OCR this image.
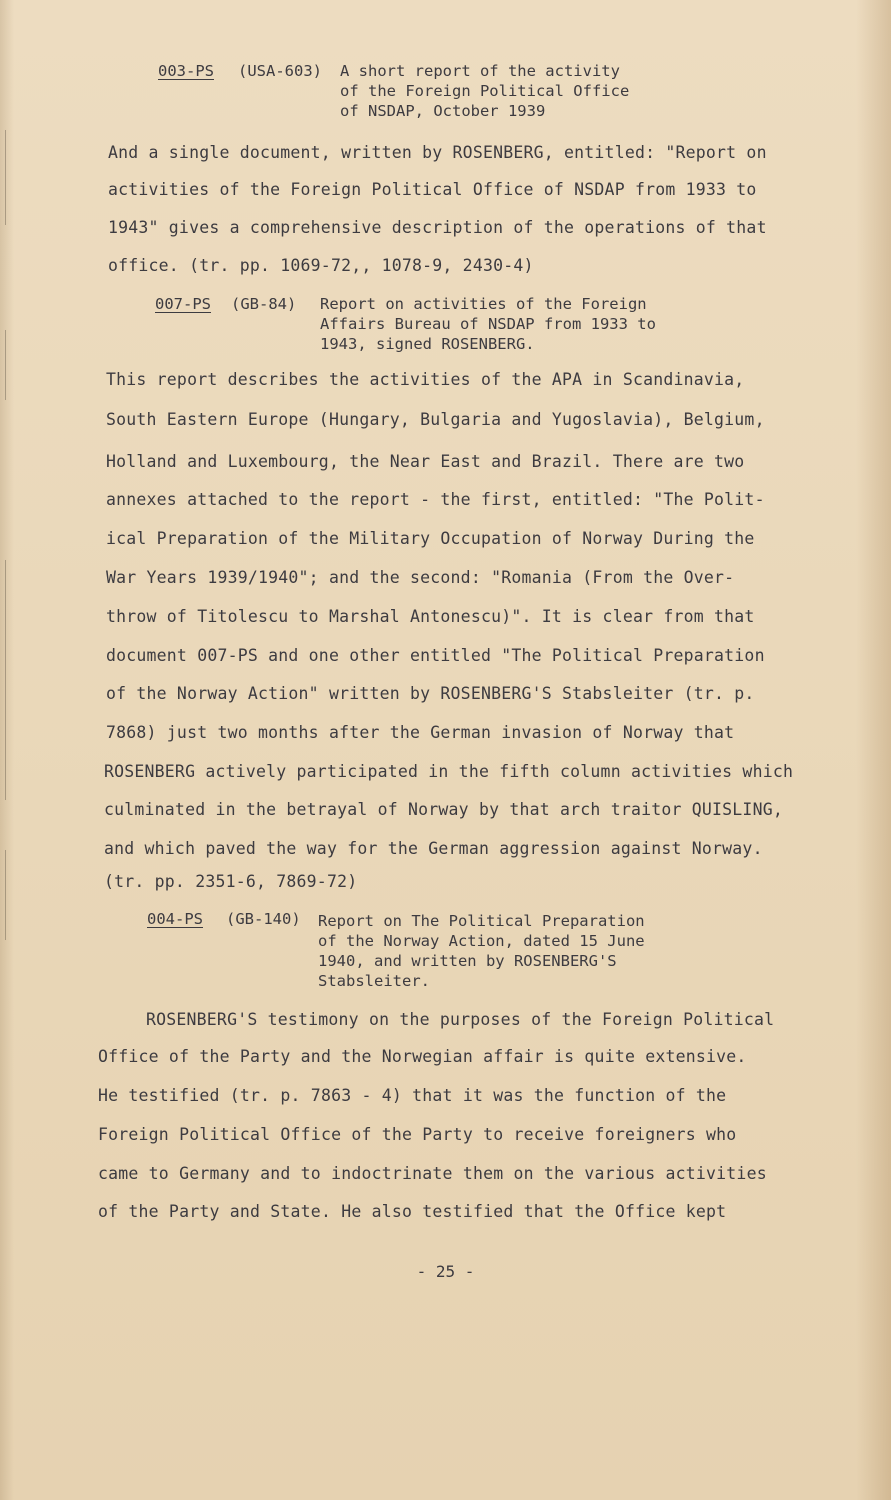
003-PS (USA-603) A short report of the activity
of the Foreign Political Office
of NSDAP, October 1939
And a single document, written by ROSENBERG, entitled: "Report on
activities of the Foreign Political Office of NSDAP from 1933 to
1943" gives a comprehensive description of the operations of that
office. (tr. pp. 1069-72,, 1078-9, 2430-4)
007-PS (GB-84) Report on activities of the Foreign
Affairs Bureau of NSDAP from 1933 to
1943, signed ROSENBERG.
This report describes the activities of the APA in Scandinavia,
South Eastern Europe (Hungary, Bulgaria and Yugoslavia), Belgium,
Holland and Luxembourg, the Near East and Brazil. There are two
annexes attached to the report - the first, entitled: "The Polit-
ical Preparation of the Military Occupation of Norway During the
War Years 1939/1940"; and the second: "Romania (From the Over-
throw of Titolescu to Marshal Antonescu)". It is clear from that
document 007-PS and one other entitled "The Political Preparation
of the Norway Action" written by ROSENBERG'S Stabsleiter (tr. p.
7868) just two months after the German invasion of Norway that
ROSENBERG actively participated in the fifth column activities which
culminated in the betrayal of Norway by that arch traitor QUISLING,
and which paved the way for the German aggression against Norway.
(tr. pp. 2351-6, 7869-72)
004-PS (GB-140) Report on The Political Preparation
of the Norway Action, dated 15 June
1940, and written by ROSENBERG'S
Stabsleiter.
ROSENBERG'S testimony on the purposes of the Foreign Political
Office of the Party and the Norwegian affair is quite extensive.
He testified (tr. p. 7863 - 4) that it was the function of the
Foreign Political Office of the Party to receive foreigners who
came to Germany and to indoctrinate them on the various activities
of the Party and State. He also testified that the Office kept
- 25 -
